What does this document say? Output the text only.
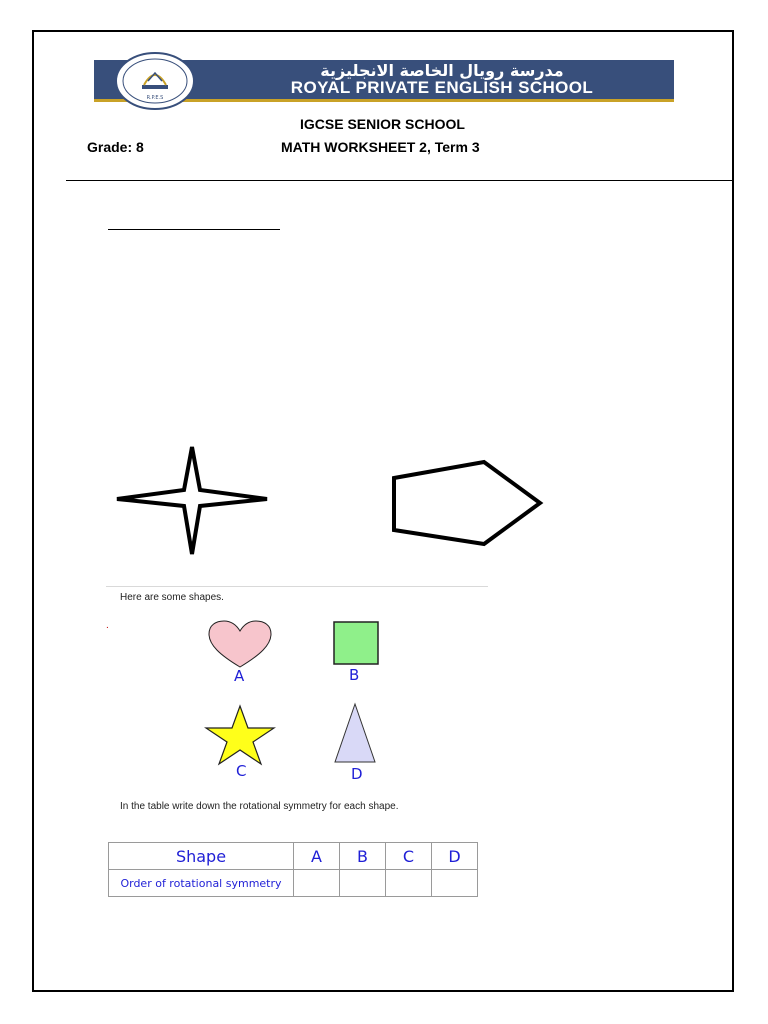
R.P.E.S
مدرسة رويال الخاصة الانجليزية
ROYAL PRIVATE ENGLISH SCHOOL
IGCSE SENIOR SCHOOL
Grade: 8	MATH WORKSHEET 2, Term 3
Here are some shapes.
.
A	B
C	D
In the table write down the rotational symmetry for each shape.
Shape	A	B	C	D
Order of rotational symmetry				
